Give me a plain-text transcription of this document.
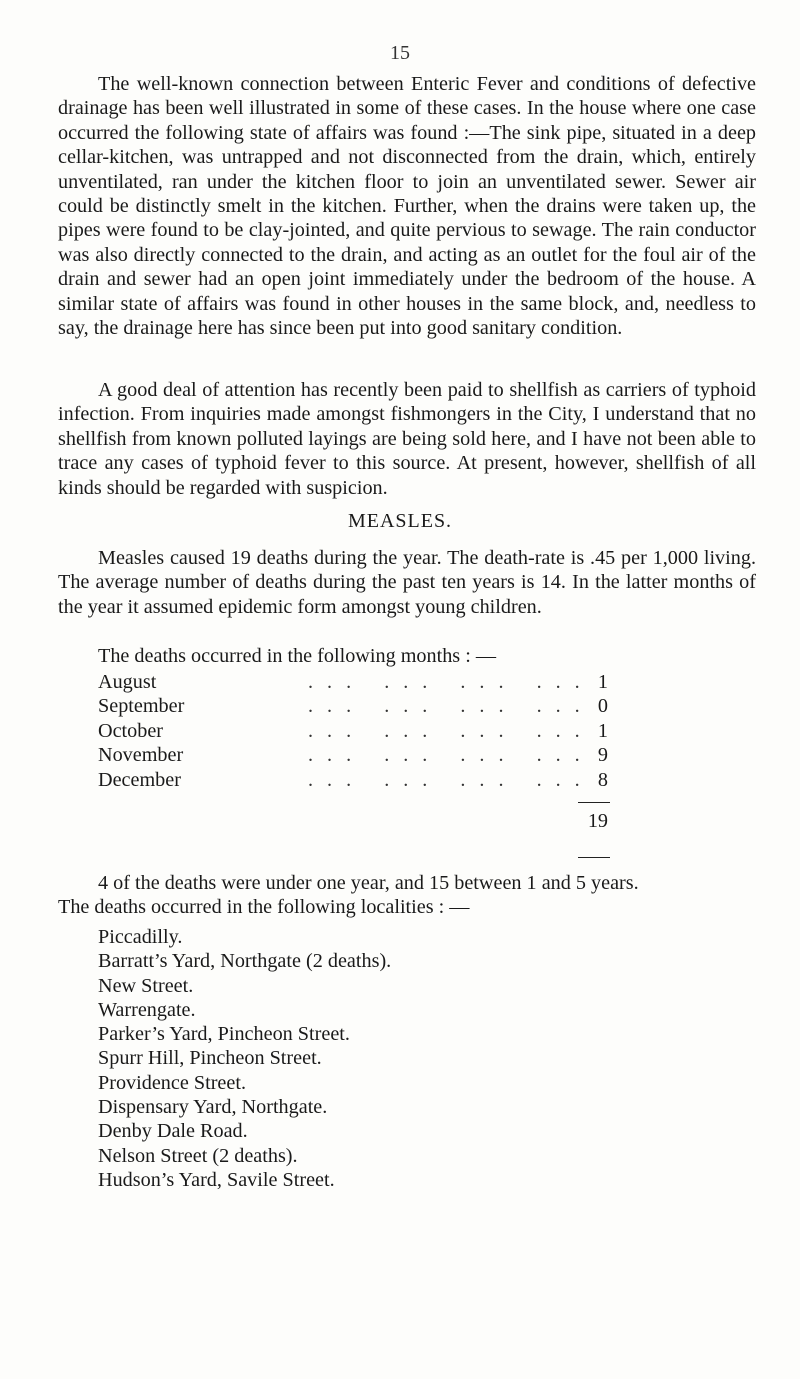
15

The well-known connection between Enteric Fever and conditions of defective drainage has been well illustrated in some of these cases. In the house where one case occurred the following state of affairs was found :—The sink pipe, situated in a deep cellar-kitchen, was untrapped and not disconnected from the drain, which, entirely unventilated, ran under the kitchen floor to join an unventilated sewer. Sewer air could be distinctly smelt in the kitchen. Further, when the drains were taken up, the pipes were found to be clay-jointed, and quite pervious to sewage. The rain conductor was also directly connected to the drain, and acting as an outlet for the foul air of the drain and sewer had an open joint immediately under the bedroom of the house. A similar state of affairs was found in other houses in the same block, and, needless to say, the drainage here has since been put into good sanitary condition.

A good deal of attention has recently been paid to shellfish as carriers of typhoid infection. From inquiries made amongst fishmongers in the City, I understand that no shellfish from known polluted layings are being sold here, and I have not been able to trace any cases of typhoid fever to this source. At present, however, shellfish of all kinds should be regarded with suspicion.

MEASLES.

Measles caused 19 deaths during the year. The death-rate is .45 per 1,000 living. The average number of deaths during the past ten years is 14. In the latter months of the year it assumed epidemic form amongst young children.

The deaths occurred in the following months : —

August	... ... ... ... 1
September	... ... ... ... 0
October	... ... ... ... 1
November	... ... ... ... 9
December	... ... ... ... 8
19

4 of the deaths were under one year, and 15 between 1 and 5 years.

The deaths occurred in the following localities : —

Piccadilly.
Barratt’s Yard, Northgate (2 deaths).
New Street.
Warrengate.
Parker’s Yard, Pincheon Street.
Spurr Hill, Pincheon Street.
Providence Street.
Dispensary Yard, Northgate.
Denby Dale Road.
Nelson Street (2 deaths).
Hudson’s Yard, Savile Street.
